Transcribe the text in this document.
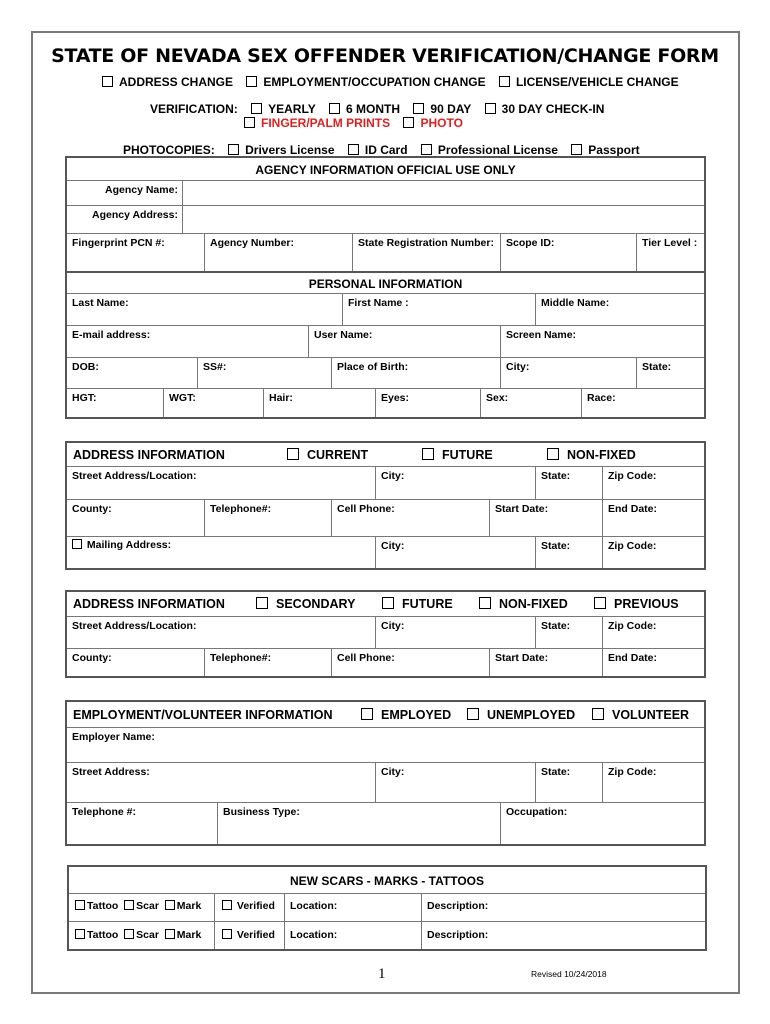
STATE OF NEVADA SEX OFFENDER VERIFICATION/CHANGE FORM
ADDRESS CHANGE	EMPLOYMENT/OCCUPATION CHANGE	LICENSE/VEHICLE CHANGE
VERIFICATION:	YEARLY	6 MONTH	90 DAY	30 DAY CHECK-IN
FINGER/PALM PRINTS	PHOTO
PHOTOCOPIES:	Drivers License	ID Card	Professional License	Passport
AGENCY INFORMATION OFFICIAL USE ONLY
Agency Name:
Agency Address:
Fingerprint PCN #:	Agency Number:	State Registration Number: Scope ID:	Tier Level :
PERSONAL INFORMATION
Last Name:	First Name :	Middle Name:
E-mail address:	User Name:	Screen Name:
DOB:	SS#:	Place of Birth:	City:	State:
HGT:	WGT:	Hair:	Eyes:	Sex:	Race:
ADDRESS INFORMATION	CURRENT	FUTURE	NON-FIXED
Street Address/Location:	City:	State:	Zip Code:
County:	Telephone#:	Cell Phone:	Start Date:	End Date:
Mailing Address:	City:	State:	Zip Code:
ADDRESS INFORMATION	SECONDARY	FUTURE	NON-FIXED	PREVIOUS
Street Address/Location:	City:	State:	Zip Code:
County:	Telephone#:	Cell Phone:	Start Date:	End Date:
EMPLOYMENT/VOLUNTEER INFORMATION	EMPLOYED	UNEMPLOYED	VOLUNTEER
Employer Name:
Street Address:	City:	State:	Zip Code:
Telephone #:	Business Type:	Occupation:
NEW SCARS - MARKS - TATTOOS
Tattoo Scar Mark	Verified Location:	Description:
Tattoo Scar Mark	Verified Location:	Description:
1	Revised 10/24/2018
